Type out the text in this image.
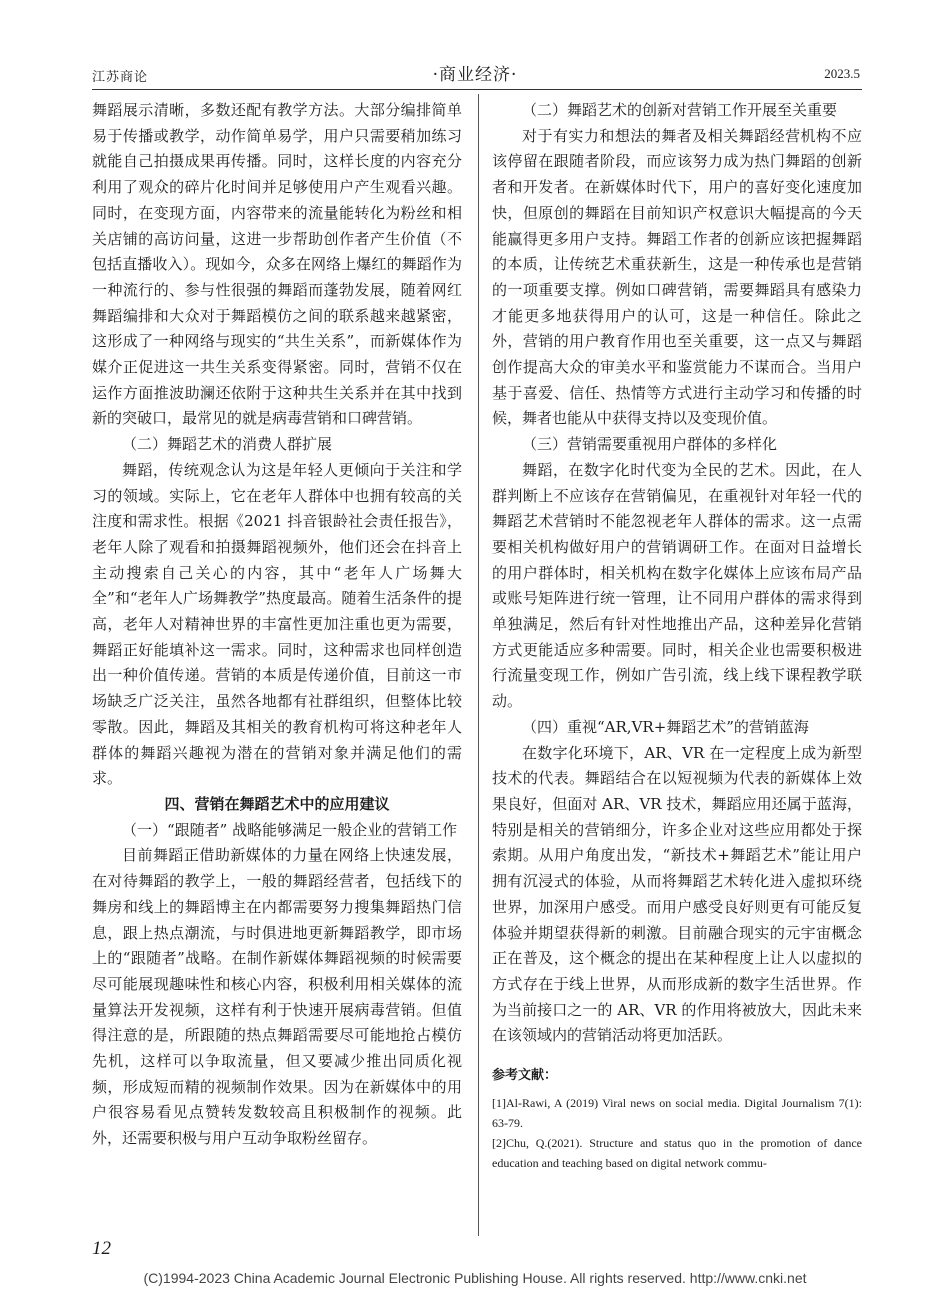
江苏商论	·商业经济·	2023.5

舞蹈展示清晰，多数还配有教学方法。大部分编排简单易于传播或教学，动作简单易学，用户只需要稍加练习就能自己拍摄成果再传播。同时，这样长度的内容充分利用了观众的碎片化时间并足够使用户产生观看兴趣。同时，在变现方面，内容带来的流量能转化为粉丝和相关店铺的高访问量，这进一步帮助创作者产生价值（不包括直播收入）。现如今，众多在网络上爆红的舞蹈作为一种流行的、参与性很强的舞蹈而蓬勃发展，随着网红舞蹈编排和大众对于舞蹈模仿之间的联系越来越紧密，这形成了一种网络与现实的“共生关系”，而新媒体作为媒介正促进这一共生关系变得紧密。同时，营销不仅在运作方面推波助澜还依附于这种共生关系并在其中找到新的突破口，最常见的就是病毒营销和口碑营销。

（二）舞蹈艺术的消费人群扩展

舞蹈，传统观念认为这是年轻人更倾向于关注和学习的领域。实际上，它在老年人群体中也拥有较高的关注度和需求性。根据《2021 抖音银龄社会责任报告》，老年人除了观看和拍摄舞蹈视频外，他们还会在抖音上主动搜索自己关心的内容，其中“老年人广场舞大全”和“老年人广场舞教学”热度最高。随着生活条件的提高，老年人对精神世界的丰富性更加注重也更为需要，舞蹈正好能填补这一需求。同时，这种需求也同样创造出一种价值传递。营销的本质是传递价值，目前这一市场缺乏广泛关注，虽然各地都有社群组织，但整体比较零散。因此，舞蹈及其相关的教育机构可将这种老年人群体的舞蹈兴趣视为潜在的营销对象并满足他们的需求。

四、营销在舞蹈艺术中的应用建议

（一）“跟随者” 战略能够满足一般企业的营销工作

目前舞蹈正借助新媒体的力量在网络上快速发展，在对待舞蹈的教学上，一般的舞蹈经营者，包括线下的舞房和线上的舞蹈博主在内都需要努力搜集舞蹈热门信息，跟上热点潮流，与时俱进地更新舞蹈教学，即市场上的“跟随者”战略。在制作新媒体舞蹈视频的时候需要尽可能展现趣味性和核心内容，积极利用相关媒体的流量算法开发视频，这样有利于快速开展病毒营销。但值得注意的是，所跟随的热点舞蹈需要尽可能地抢占模仿先机，这样可以争取流量，但又要减少推出同质化视频，形成短而精的视频制作效果。因为在新媒体中的用户很容易看见点赞转发数较高且积极制作的视频。此外，还需要积极与用户互动争取粉丝留存。

（二）舞蹈艺术的创新对营销工作开展至关重要

对于有实力和想法的舞者及相关舞蹈经营机构不应该停留在跟随者阶段，而应该努力成为热门舞蹈的创新者和开发者。在新媒体时代下，用户的喜好变化速度加快，但原创的舞蹈在目前知识产权意识大幅提高的今天能赢得更多用户支持。舞蹈工作者的创新应该把握舞蹈的本质，让传统艺术重获新生，这是一种传承也是营销的一项重要支撑。例如口碑营销，需要舞蹈具有感染力才能更多地获得用户的认可，这是一种信任。除此之外，营销的用户教育作用也至关重要，这一点又与舞蹈创作提高大众的审美水平和鉴赏能力不谋而合。当用户基于喜爱、信任、热情等方式进行主动学习和传播的时候，舞者也能从中获得支持以及变现价值。

（三）营销需要重视用户群体的多样化

舞蹈，在数字化时代变为全民的艺术。因此，在人群判断上不应该存在营销偏见，在重视针对年轻一代的舞蹈艺术营销时不能忽视老年人群体的需求。这一点需要相关机构做好用户的营销调研工作。在面对日益增长的用户群体时，相关机构在数字化媒体上应该布局产品或账号矩阵进行统一管理，让不同用户群体的需求得到单独满足，然后有针对性地推出产品，这种差异化营销方式更能适应多种需要。同时，相关企业也需要积极进行流量变现工作，例如广告引流，线上线下课程教学联动。

（四）重视“AR,VR+舞蹈艺术”的营销蓝海

在数字化环境下，AR、VR 在一定程度上成为新型技术的代表。舞蹈结合在以短视频为代表的新媒体上效果良好，但面对 AR、VR 技术，舞蹈应用还属于蓝海，特别是相关的营销细分，许多企业对这些应用都处于探索期。从用户角度出发，“新技术+舞蹈艺术”能让用户拥有沉浸式的体验，从而将舞蹈艺术转化进入虚拟环绕世界，加深用户感受。而用户感受良好则更有可能反复体验并期望获得新的刺激。目前融合现实的元宇宙概念正在普及，这个概念的提出在某种程度上让人以虚拟的方式存在于线上世界，从而形成新的数字生活世界。作为当前接口之一的 AR、VR 的作用将被放大，因此未来在该领域内的营销活动将更加活跃。

参考文献：

[1]Al-Rawi, A (2019) Viral news on social media. Digital Journalism 7(1): 63-79.

[2]Chu, Q.(2021). Structure and status quo in the promotion of dance education and teaching based on digital network commu-

12
(C)1994-2023 China Academic Journal Electronic Publishing House. All rights reserved. http://www.cnki.net
